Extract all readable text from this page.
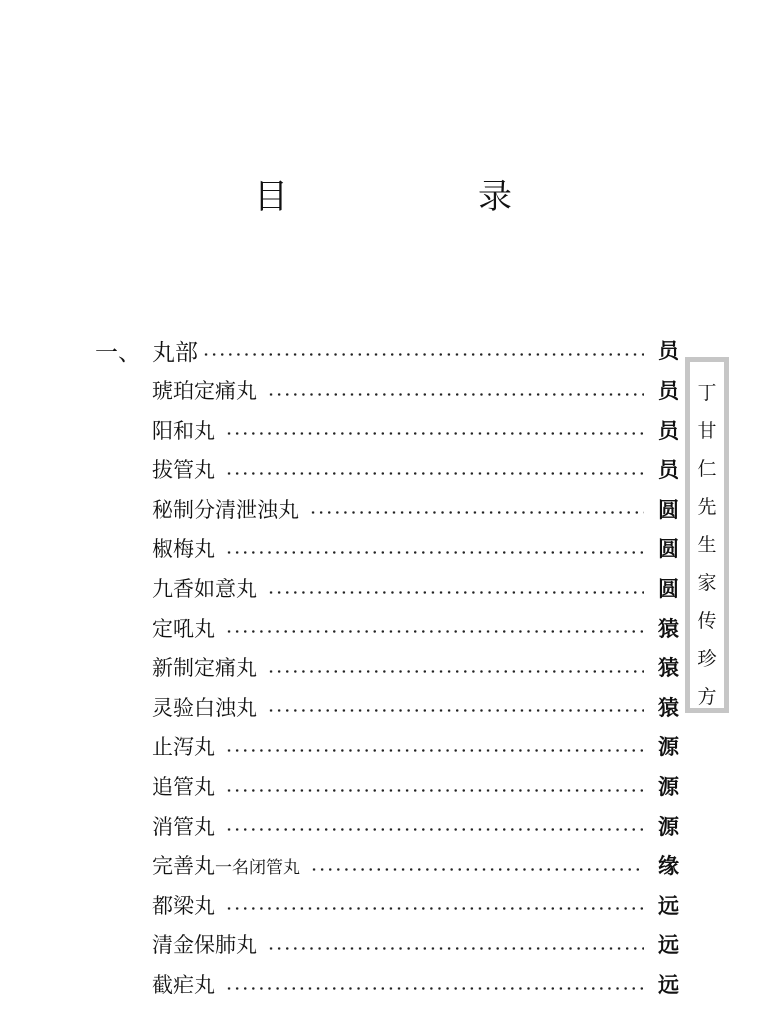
目　录
一、 丸部	员
琥珀定痛丸	员
阳和丸	员
拔管丸	员
秘制分清泄浊丸	圆
椒梅丸	圆
九香如意丸	圆
定吼丸	猿
新制定痛丸	猿
灵验白浊丸	猿
止泻丸	源
追管丸	源
消管丸	源
完善丸一名闭管丸	缘
都梁丸	远
清金保肺丸	远
截疟丸	远
丁
甘
仁
先
生
家
传
珍
方
